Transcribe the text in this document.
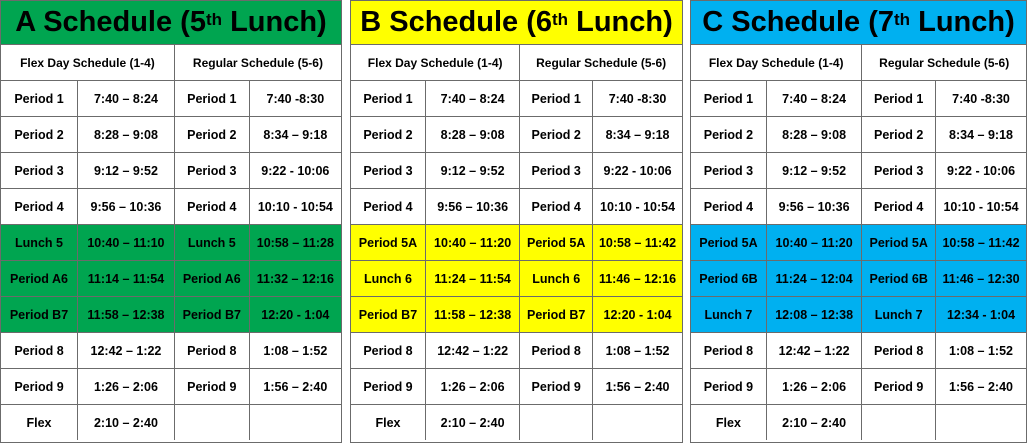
A Schedule (5th Lunch)
Flex Day Schedule (1-4)		Regular Schedule (5-6)	
Period 1	7:40 – 8:24	Period 1	7:40 -8:30
Period 2	8:28 – 9:08	Period 2	8:34 – 9:18
Period 3	9:12 – 9:52	Period 3	9:22 - 10:06
Period 4	9:56 – 10:36	Period 4	10:10 - 10:54
Lunch 5	10:40 – 11:10	Lunch 5	10:58 – 11:28
Period A6	11:14 – 11:54	Period A6	11:32 – 12:16
Period B7	11:58 – 12:38	Period B7	12:20 - 1:04
Period 8	12:42 – 1:22	Period 8	1:08 – 1:52
Period 9	1:26 – 2:06	Period 9	1:56 – 2:40
Flex	2:10 – 2:40		
B Schedule (6th Lunch)
Flex Day Schedule (1-4)		Regular Schedule (5-6)	
Period 1	7:40 – 8:24	Period 1	7:40 -8:30
Period 2	8:28 – 9:08	Period 2	8:34 – 9:18
Period 3	9:12 – 9:52	Period 3	9:22 - 10:06
Period 4	9:56 – 10:36	Period 4	10:10 - 10:54
Period 5A	10:40 – 11:20	Period 5A	10:58 – 11:42
Lunch 6	11:24 – 11:54	Lunch 6	11:46 – 12:16
Period B7	11:58 – 12:38	Period B7	12:20 - 1:04
Period 8	12:42 – 1:22	Period 8	1:08 – 1:52
Period 9	1:26 – 2:06	Period 9	1:56 – 2:40
Flex	2:10 – 2:40		
C Schedule (7th Lunch)
Flex Day Schedule (1-4)		Regular Schedule (5-6)	
Period 1	7:40 – 8:24	Period 1	7:40 -8:30
Period 2	8:28 – 9:08	Period 2	8:34 – 9:18
Period 3	9:12 – 9:52	Period 3	9:22 - 10:06
Period 4	9:56 – 10:36	Period 4	10:10 - 10:54
Period 5A	10:40 – 11:20	Period 5A	10:58 – 11:42
Period 6B	11:24 – 12:04	Period 6B	11:46 – 12:30
Lunch 7	12:08 – 12:38	Lunch 7	12:34 - 1:04
Period 8	12:42 – 1:22	Period 8	1:08 – 1:52
Period 9	1:26 – 2:06	Period 9	1:56 – 2:40
Flex	2:10 – 2:40		
